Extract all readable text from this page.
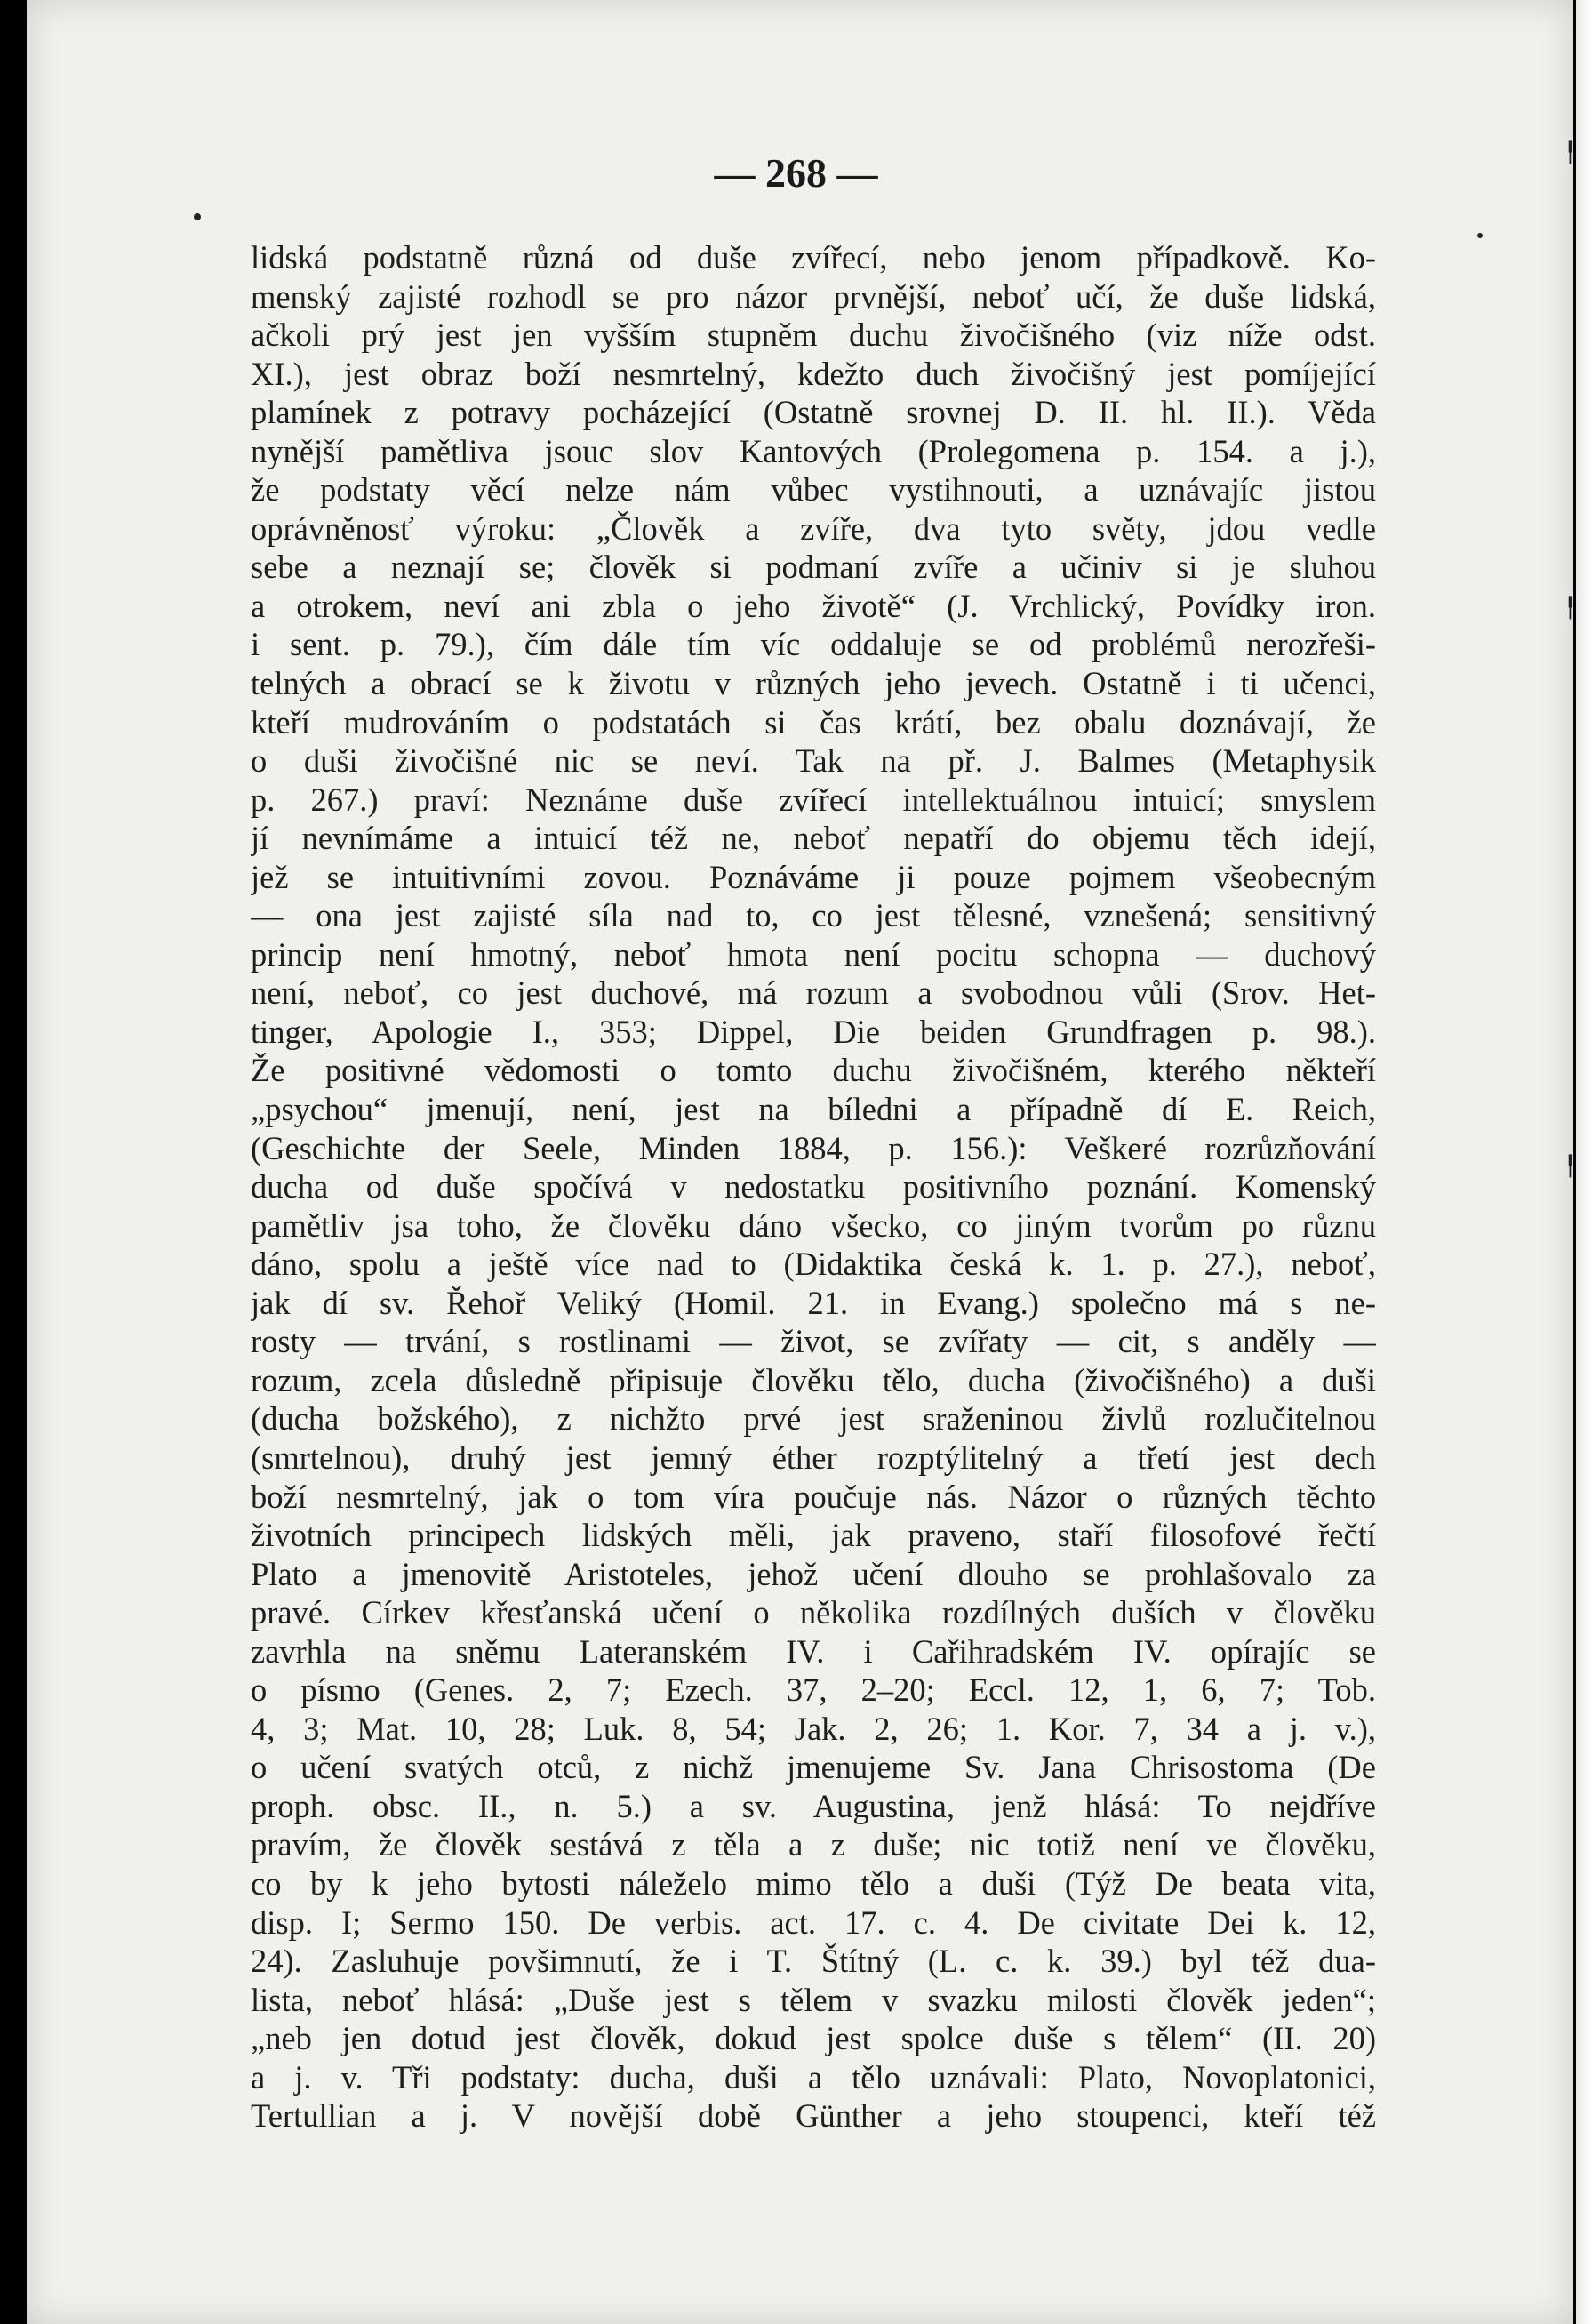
╿
╿
╿
— 268 —
lidská podstatně různá od duše zvířecí, nebo jenom případkově. Ko-
menský zajisté rozhodl se pro názor prvnější, neboť učí, že duše lidská,
ačkoli prý jest jen vyšším stupněm duchu živočišného (viz níže odst.
XI.), jest obraz boží nesmrtelný, kdežto duch živočišný jest pomíjející
plamínek z potravy pocházející (Ostatně srovnej D. II. hl. II.). Věda
nynější pamětliva jsouc slov Kantových (Prolegomena p. 154. a j.),
že podstaty věcí nelze nám vůbec vystihnouti, a uznávajíc jistou
oprávněnosť výroku: „Člověk a zvíře, dva tyto světy, jdou vedle
sebe a neznají se; člověk si podmaní zvíře a učiniv si je sluhou
a otrokem, neví ani zbla o jeho životě“ (J. Vrchlický, Povídky iron.
i sent. p. 79.), čím dále tím víc oddaluje se od problémů nerozřeši-
telných a obrací se k životu v různých jeho jevech. Ostatně i ti učenci,
kteří mudrováním o podstatách si čas krátí, bez obalu doznávají, že
o duši živočišné nic se neví. Tak na př. J. Balmes (Metaphysik
p. 267.) praví: Neznáme duše zvířecí intellektuálnou intuicí; smyslem
jí nevnímáme a intuicí též ne, neboť nepatří do objemu těch idejí,
jež se intuitivními zovou. Poznáváme ji pouze pojmem všeobecným
— ona jest zajisté síla nad to, co jest tělesné, vznešená; sensitivný
princip není hmotný, neboť hmota není pocitu schopna — duchový
není, neboť, co jest duchové, má rozum a svobodnou vůli (Srov. Het-
tinger, Apologie I., 353; Dippel, Die beiden Grundfragen p. 98.).
Že positivné vědomosti o tomto duchu živočišném, kterého někteří
„psychou“ jmenují, není, jest na bíledni a případně dí E. Reich,
(Geschichte der Seele, Minden 1884, p. 156.): Veškeré rozrůzňování
ducha od duše spočívá v nedostatku positivního poznání. Komenský
pamětliv jsa toho, že člověku dáno všecko, co jiným tvorům po různu
dáno, spolu a ještě více nad to (Didaktika česká k. 1. p. 27.), neboť,
jak dí sv. Řehoř Veliký (Homil. 21. in Evang.) společno má s ne-
rosty — trvání, s rostlinami — život, se zvířaty — cit, s anděly —
rozum, zcela důsledně připisuje člověku tělo, ducha (živočišného) a duši
(ducha božského), z nichžto prvé jest sraženinou živlů rozlučitelnou
(smrtelnou), druhý jest jemný éther rozptýlitelný a třetí jest dech
boží nesmrtelný, jak o tom víra poučuje nás. Názor o různých těchto
životních principech lidských měli, jak praveno, staří filosofové řečtí
Plato a jmenovitě Aristoteles, jehož učení dlouho se prohlašovalo za
pravé. Církev křesťanská učení o několika rozdílných duších v člověku
zavrhla na sněmu Lateranském IV. i Cařihradském IV. opírajíc se
o písmo (Genes. 2, 7; Ezech. 37, 2–20; Eccl. 12, 1, 6, 7; Tob.
4, 3; Mat. 10, 28; Luk. 8, 54; Jak. 2, 26; 1. Kor. 7, 34 a j. v.),
o učení svatých otců, z nichž jmenujeme Sv. Jana Chrisostoma (De
proph. obsc. II., n. 5.) a sv. Augustina, jenž hlásá: To nejdříve
pravím, že člověk sestává z těla a z duše; nic totiž není ve člověku,
co by k jeho bytosti náleželo mimo tělo a duši (Týž De beata vita,
disp. I; Sermo 150. De verbis. act. 17. c. 4. De civitate Dei k. 12,
24). Zasluhuje povšimnutí, že i T. Štítný (L. c. k. 39.) byl též dua-
lista, neboť hlásá: „Duše jest s tělem v svazku milosti člověk jeden“;
„neb jen dotud jest člověk, dokud jest spolce duše s tělem“ (II. 20)
a j. v. Tři podstaty: ducha, duši a tělo uznávali: Plato, Novoplatonici,
Tertullian a j. V novější době Günther a jeho stoupenci, kteří též
